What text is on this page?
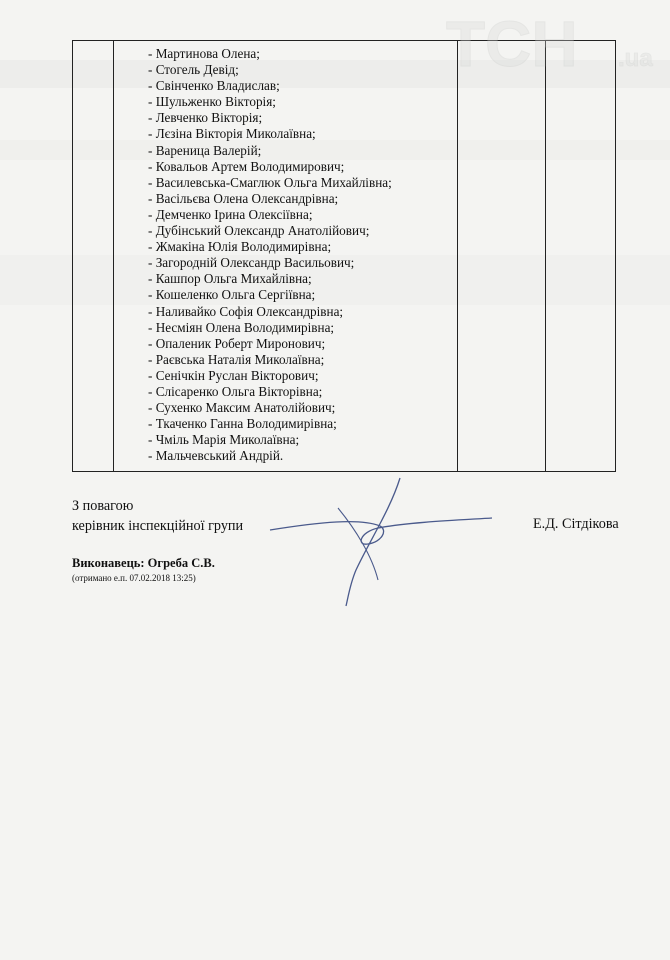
- Мартинова Олена;
- Стогель Девід;
- Свінченко Владислав;
- Шульженко Вікторія;
- Левченко Вікторія;
- Лєзіна Вікторія Миколаївна;
- Вареница Валерій;
- Ковальов Артем Володимирович;
- Василевська-Смаглюк Ольга Михайлівна;
- Васільєва Олена Олександрівна;
- Демченко Ірина Олексіївна;
- Дубінський Олександр Анатолійович;
- Жмакіна Юлія Володимирівна;
- Загородній Олександр Васильович;
- Кашпор Ольга Михайлівна;
- Кошеленко Ольга Сергіївна;
- Наливайко Софія Олександрівна;
- Несміян Олена Володимирівна;
- Опаленик Роберт Миронович;
- Раєвська Наталія Миколаївна;
- Сенічкін Руслан Вікторович;
- Слісаренко Ольга Вікторівна;
- Сухенко Максим Анатолійович;
- Ткаченко Ганна Володимирівна;
- Чміль Марія Миколаївна;
- Мальчевський Андрій.
З повагою
керівник інспекційної групи	Е.Д. Сітдікова
Виконавець: Огреба С.В.
(отримано е.п. 07.02.2018 13:25)
TCH .ua
